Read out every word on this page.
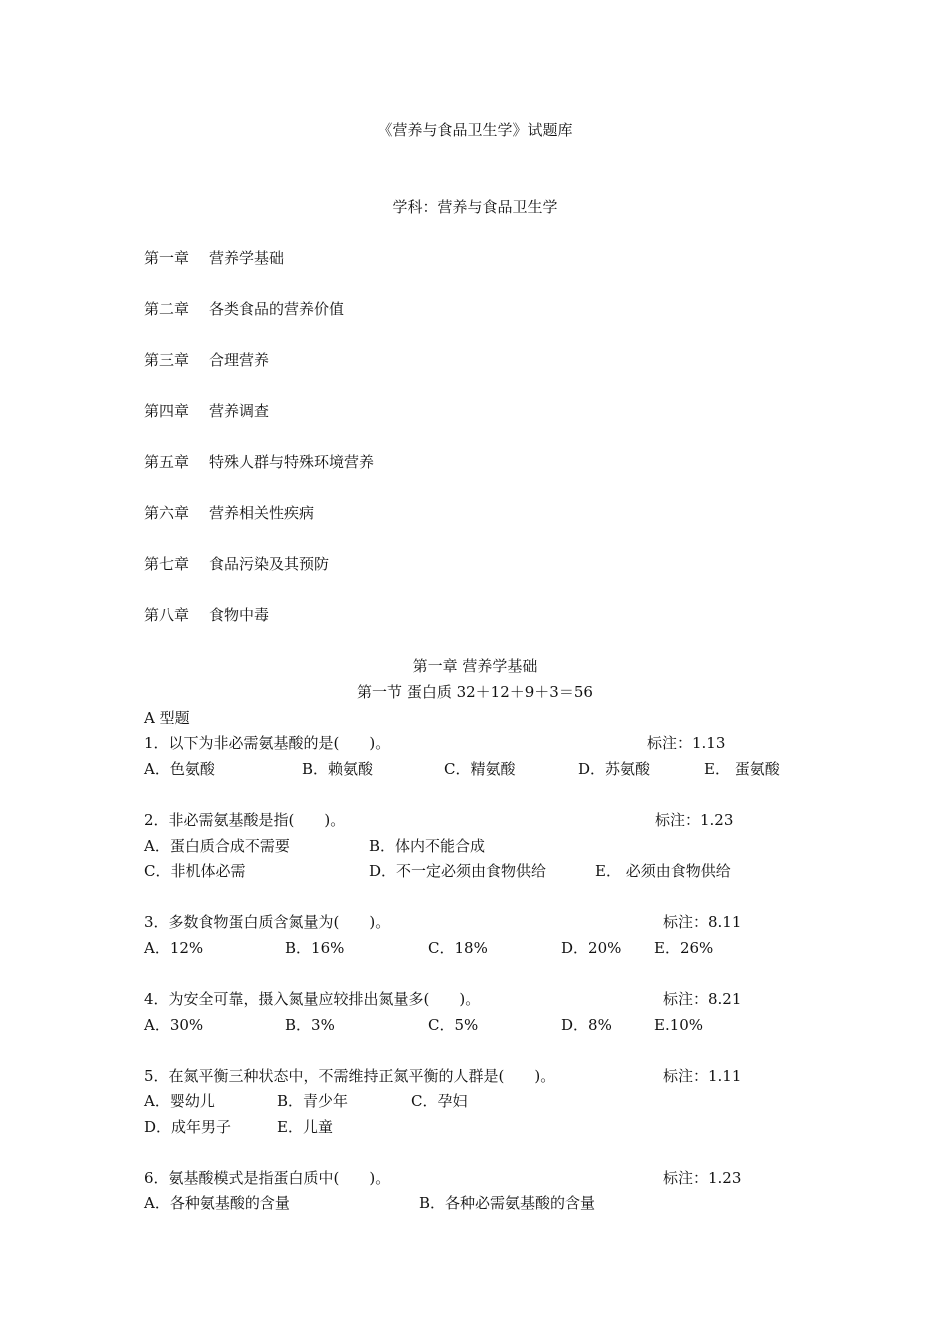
《营养与食品卫生学》试题库
学科：营养与食品卫生学
第一章 营养学基础
第二章 各类食品的营养价值
第三章 合理营养
第四章 营养调查
第五章 特殊人群与特殊环境营养
第六章 营养相关性疾病
第七章 食品污染及其预防
第八章 食物中毒
第一章 营养学基础
第一节 蛋白质 32＋12＋9＋3＝56
A 型题
1．以下为非必需氨基酸的是(　　)。	标注：1.13
A．色氨酸	B．赖氨酸	C．精氨酸	D．苏氨酸	E． 蛋氨酸
2．非必需氨基酸是指(　　)。	标注：1.23
A．蛋白质合成不需要	B．体内不能合成
C．非机体必需	D．不一定必须由食物供给	E． 必须由食物供给
3．多数食物蛋白质含氮量为(　　)。	标注：8.11
A．12%	B．16%	C．18%	D．20% E．26%
4．为安全可靠，摄入氮量应较排出氮量多(　　)。	标注：8.21
A．30%	B．3%	C．5%	D．8%	E.10%
5．在氮平衡三种状态中，不需维持正氮平衡的人群是(　　)。	标注：1.11
A．婴幼儿	B．青少年	C．孕妇
D．成年男子	E．儿童
6．氨基酸模式是指蛋白质中(　　)。	标注：1.23
A．各种氨基酸的含量	B．各种必需氨基酸的含量
